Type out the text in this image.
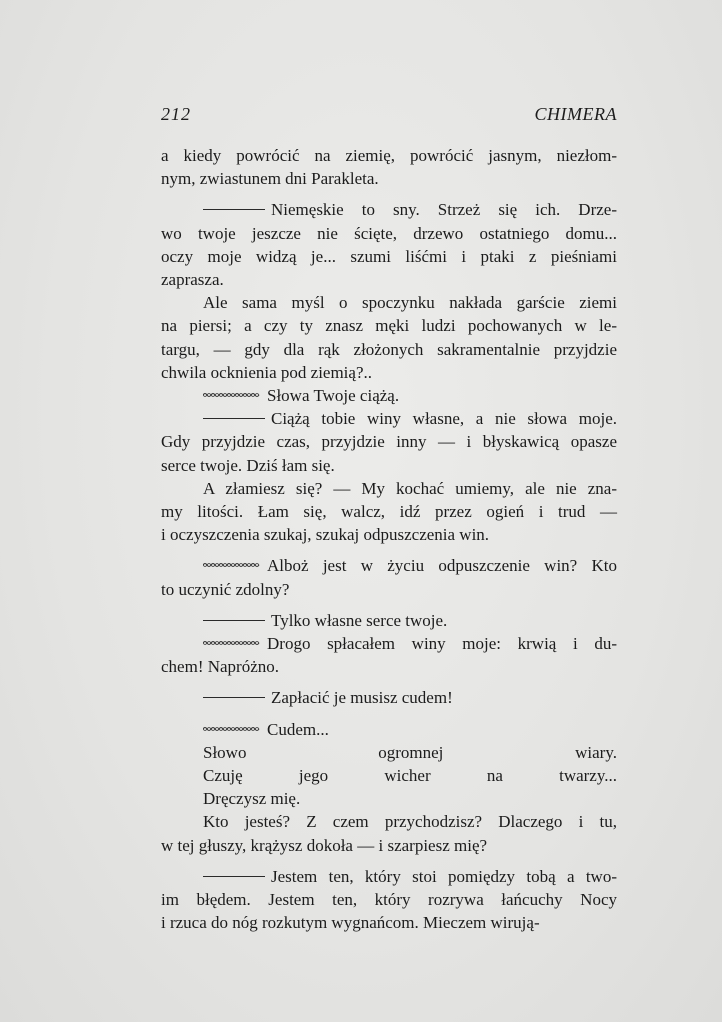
212	CHIMERA
a kiedy powrócić na ziemię, powrócić jasnym, niezłom-
nym, zwiastunem dni Parakleta.
Niemęskie to sny. Strzeż się ich. Drze-
wo twoje jeszcze nie ścięte, drzewo ostatniego domu...
oczy moje widzą je... szumi liśćmi i ptaki z pieśniami
zaprasza.
Ale sama myśl o spoczynku nakłada garście ziemi
na piersi; a czy ty znasz męki ludzi pochowanych w le-
targu, — gdy dla rąk złożonych sakramentalnie przyjdzie
chwila ocknienia pod ziemią?..
Słowa Twoje ciążą.
Ciążą tobie winy własne, a nie słowa moje.
Gdy przyjdzie czas, przyjdzie inny — i błyskawicą opasze
serce twoje. Dziś łam się.
A złamiesz się? — My kochać umiemy, ale nie zna-
my litości. Łam się, walcz, idź przez ogień i trud —
i oczyszczenia szukaj, szukaj odpuszczenia win.
Alboż jest w życiu odpuszczenie win? Kto
to uczynić zdolny?
Tylko własne serce twoje.
Drogo spłacałem winy moje: krwią i du-
chem! Napróżno.
Zapłacić je musisz cudem!
Cudem...
Słowo ogromnej wiary.
Czuję jego wicher na twarzy...
Dręczysz mię.
Kto jesteś? Z czem przychodzisz? Dlaczego i tu,
w tej głuszy, krążysz dokoła — i szarpiesz mię?
Jestem ten, który stoi pomiędzy tobą a two-
im błędem. Jestem ten, który rozrywa łańcuchy Nocy
i rzuca do nóg rozkutym wygnańcom. Mieczem wirują-
